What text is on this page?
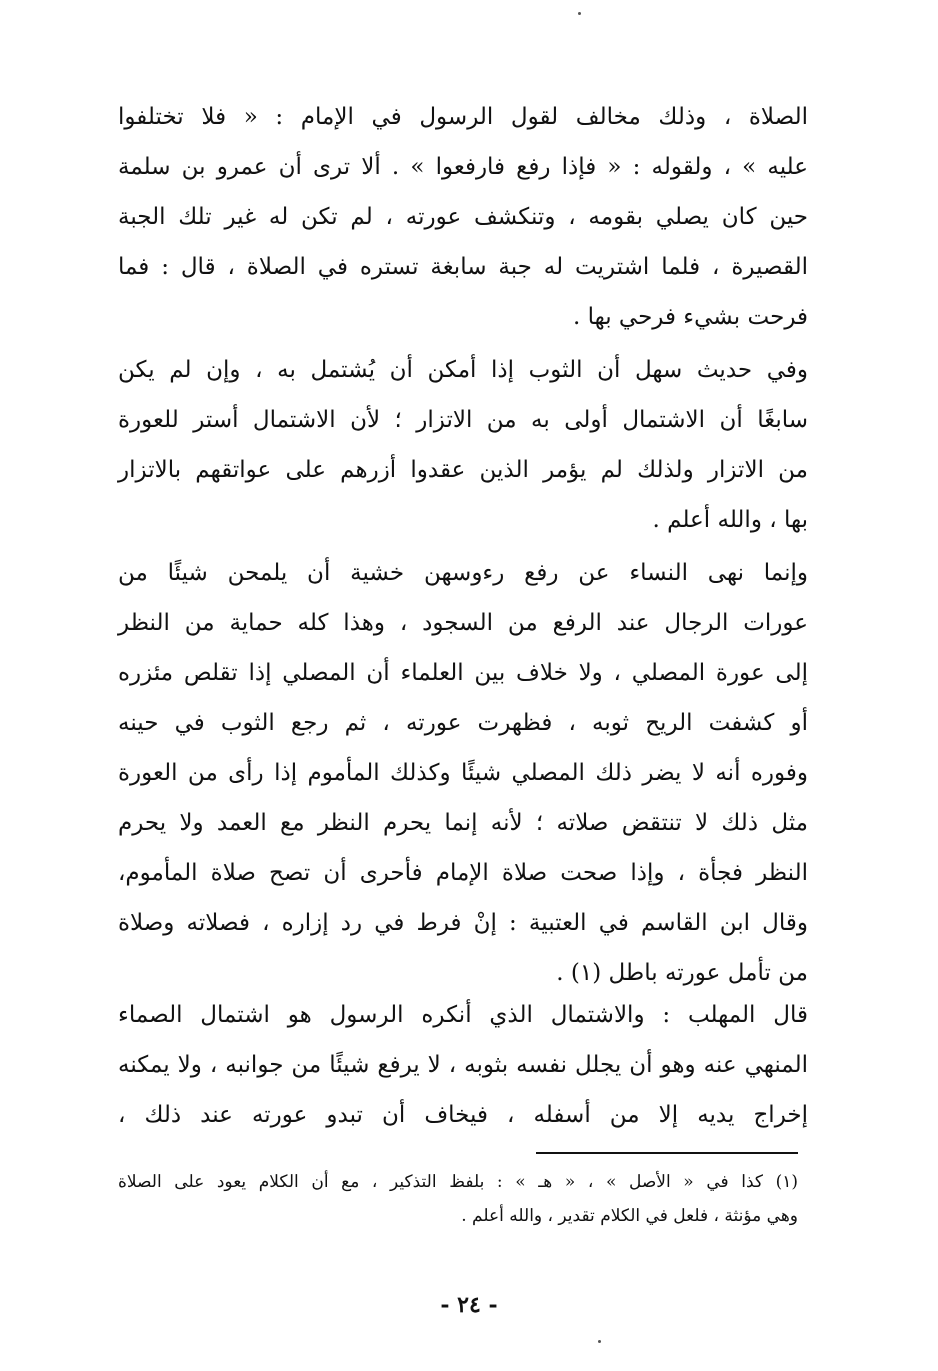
الصلاة ، وذلك مخالف لقول الرسول في الإمام : « فلا تختلفوا
عليه » ، ولقوله : « فإذا رفع فارفعوا » . ألا ترى أن عمرو بن سلمة
حين كان يصلي بقومه ، وتنكشف عورته ، لم تكن له غير تلك الجبة
القصيرة ، فلما اشتريت له جبة سابغة تستره في الصلاة ، قال : فما
فرحت بشيء فرحي بها .
وفي حديث سهل أن الثوب إذا أمكن أن يُشتمل به ، وإن لم يكن
سابغًا أن الاشتمال أولى به من الاتزار ؛ لأن الاشتمال أستر للعورة
من الاتزار ولذلك لم يؤمر الذين عقدوا أزرهم على عواتقهم بالاتزار
بها ، والله أعلم .
وإنما نهى النساء عن رفع رءوسهن خشية أن يلمحن شيئًا من
عورات الرجال عند الرفع من السجود ، وهذا كله حماية من النظر
إلى عورة المصلي ، ولا خلاف بين العلماء أن المصلي إذا تقلص مئزره
أو كشفت الريح ثوبه ، فظهرت عورته ، ثم رجع الثوب في حينه
وفوره أنه لا يضر ذلك المصلي شيئًا وكذلك المأموم إذا رأى من العورة
مثل ذلك لا تنتقض صلاته ؛ لأنه إنما يحرم النظر مع العمد ولا يحرم
النظر فجأة ، وإذا صحت صلاة الإمام فأحرى أن تصح صلاة المأموم،
وقال ابن القاسم في العتبية : إنْ فرط في رد إزاره ، فصلاته وصلاة
من تأمل عورته باطل (١) .
قال المهلب : والاشتمال الذي أنكره الرسول هو اشتمال الصماء
المنهي عنه وهو أن يجلل نفسه بثوبه ، لا يرفع شيئًا من جوانبه ، ولا يمكنه
إخراج يديه إلا من أسفله ، فيخاف أن تبدو عورته عند ذلك ،
(١) كذا في « الأصل » ، « هـ » : بلفظ التذكير ، مع أن الكلام يعود على الصلاة
وهي مؤنثة ، فلعل في الكلام تقدير ، والله أعلم .
- ٢٤ -
